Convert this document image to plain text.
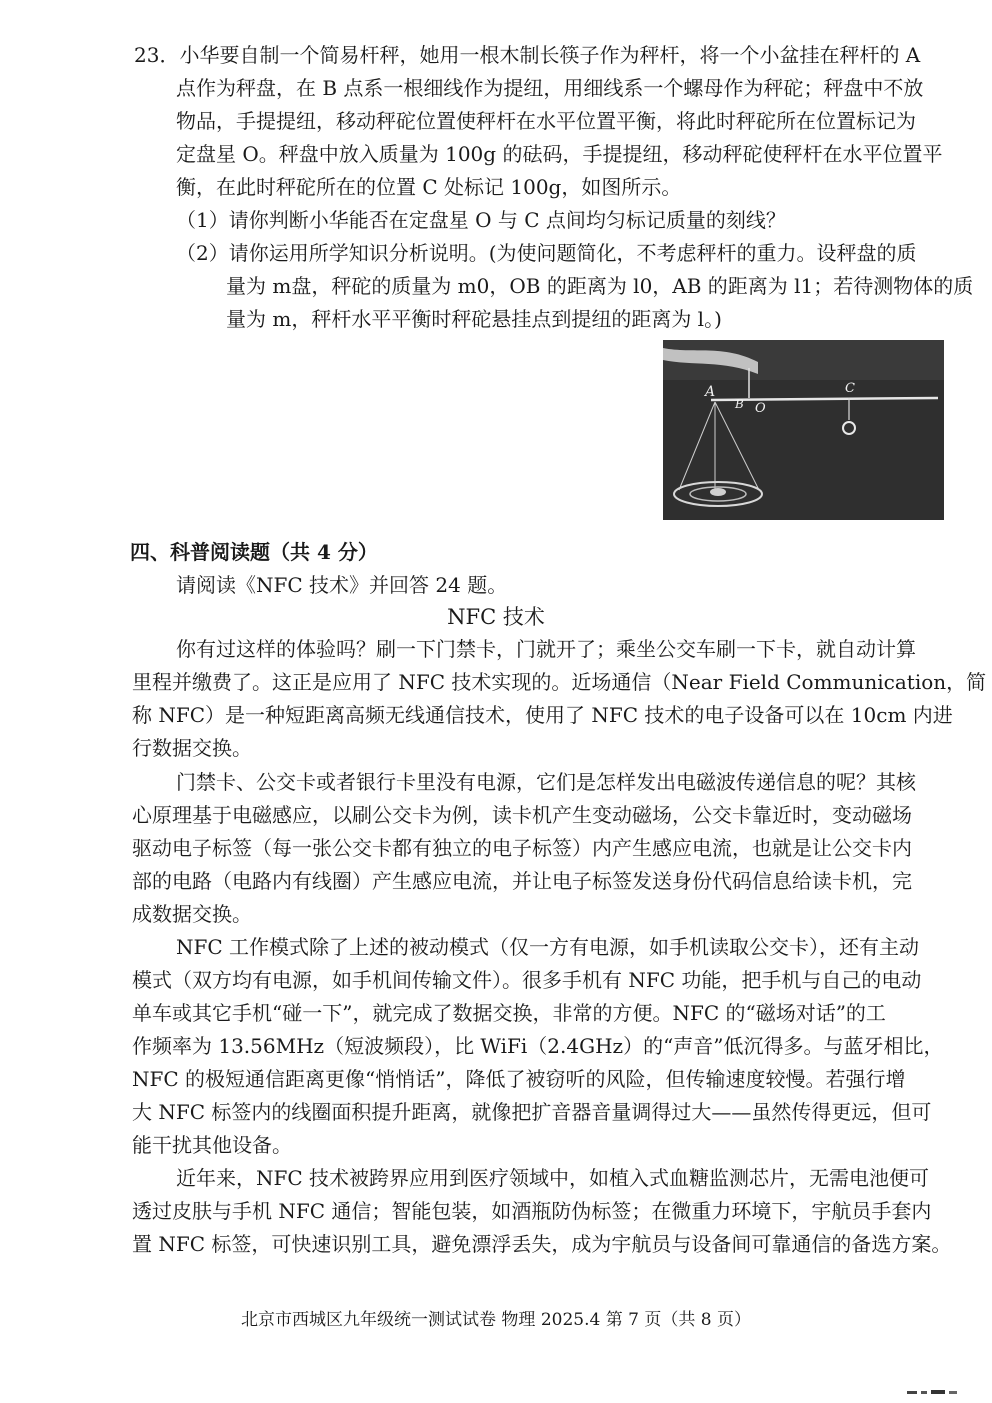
23．小华要自制一个简易杆秤，她用一根木制长筷子作为秤杆，将一个小盆挂在秤杆的 A
点作为秤盘，在 B 点系一根细线作为提纽，用细线系一个螺母作为秤砣；秤盘中不放
物品，手提提纽，移动秤砣位置使秤杆在水平位置平衡，将此时秤砣所在位置标记为
定盘星 O。秤盘中放入质量为 100g 的砝码，手提提纽，移动秤砣使秤杆在水平位置平
衡，在此时秤砣所在的位置 C 处标记 100g，如图所示。
（1）请你判断小华能否在定盘星 O 与 C 点间均匀标记质量的刻线？
（2）请你运用所学知识分析说明。(为使问题简化，不考虑秤杆的重力。设秤盘的质
量为 m盘，秤砣的质量为 m0，OB 的距离为 l0，AB 的距离为 l1；若待测物体的质
量为 m，秤杆水平平衡时秤砣悬挂点到提纽的距离为 l。)
A
B O
C
四、科普阅读题（共 4 分）
请阅读《NFC 技术》并回答 24 题。
NFC 技术
你有过这样的体验吗？刷一下门禁卡，门就开了；乘坐公交车刷一下卡，就自动计算
里程并缴费了。这正是应用了 NFC 技术实现的。近场通信（Near Field Communication，简
称 NFC）是一种短距离高频无线通信技术，使用了 NFC 技术的电子设备可以在 10cm 内进
行数据交换。
门禁卡、公交卡或者银行卡里没有电源，它们是怎样发出电磁波传递信息的呢？其核
心原理基于电磁感应，以刷公交卡为例，读卡机产生变动磁场，公交卡靠近时，变动磁场
驱动电子标签（每一张公交卡都有独立的电子标签）内产生感应电流，也就是让公交卡内
部的电路（电路内有线圈）产生感应电流，并让电子标签发送身份代码信息给读卡机，完
成数据交换。
NFC 工作模式除了上述的被动模式（仅一方有电源，如手机读取公交卡），还有主动
模式（双方均有电源，如手机间传输文件）。很多手机有 NFC 功能，把手机与自己的电动
单车或其它手机“碰一下”，就完成了数据交换，非常的方便。NFC 的“磁场对话”的工
作频率为 13.56MHz（短波频段），比 WiFi（2.4GHz）的“声音”低沉得多。与蓝牙相比，
NFC 的极短通信距离更像“悄悄话”，降低了被窃听的风险，但传输速度较慢。若强行增
大 NFC 标签内的线圈面积提升距离，就像把扩音器音量调得过大——虽然传得更远，但可
能干扰其他设备。
近年来，NFC 技术被跨界应用到医疗领域中，如植入式血糖监测芯片，无需电池便可
透过皮肤与手机 NFC 通信；智能包装，如酒瓶防伪标签；在微重力环境下，宇航员手套内
置 NFC 标签，可快速识别工具，避免漂浮丢失，成为宇航员与设备间可靠通信的备选方案。
北京市西城区九年级统一测试试卷 物理 2025.4 第 7 页（共 8 页）
